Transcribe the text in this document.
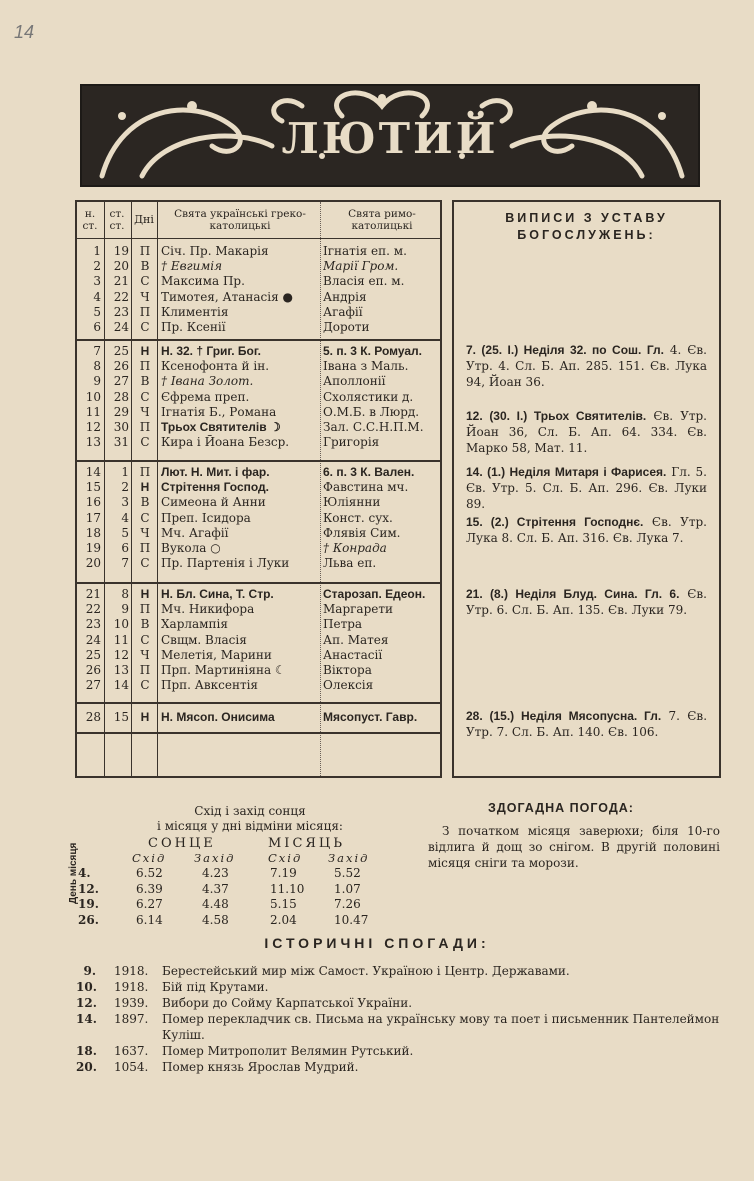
14
ЛЮТИЙ
н. ст.
ст. ст. Дні	Свята українські греко-католицькі
Свята римо-католицькі
1	19 П Січ. Пр. Макарія	Ігнатія еп. м.
2	20 В † Евгимія	Марії Гром.
3	21 С Максима Пр.	Власія еп. м.
4	22 Ч Тимотея, Атанасія ●	Андрія
5	23 П Климентія	Агафії
6	24 С Пр. Ксенії	Дороти
7	25 Н Н. 32. † Григ. Бог.	5. п. 3 К. Ромуал.
8	26 П Ксенофонта й ін.	Івана з Маль.
9	27 В † Івана Золот.	Аполлонії
10	28 С Єфрема преп.	Схолястики д.
11	29 Ч Ігнатія Б., Романа	О.М.Б. в Люрд.
12	30 П Трьох Святителів ☽	Зал. С.С.Н.П.М.
13	31 С Кира і Йоана Безср.	Григорія
14	1 П Лют. Н. Мит. і фар.	6. п. 3 К. Вален.
15	2 Н Стрітення Господ.	Фавстина мч.
16	3 В Симеона й Анни	Юліянни
17	4 С Преп. Ісидора	Конст. сух.
18	5 Ч Мч. Агафії	Флявія Сим.
19	6 П Вукола ○	† Конрада
20	7 С Пр. Партенія і Луки	Льва еп.
21	8 Н Н. Бл. Сина, Т. Стр.	Старозап. Едеон.
22	9 П Мч. Никифора	Маргарети
23	10 В Харлампія	Петра
24	11 С Свщм. Власія	Ап. Матея
25	12 Ч Мелетія, Марини	Анастасії
26	13 П Прп. Мартиніяна ☾	Віктора
27	14 С Прп. Авксентія	Олексія
28	15 Н Н. Мясоп. Онисима	Мясопуст. Гавр.
ВИПИСИ З УСТАВУ БОГОСЛУЖЕНЬ:
7. (25. І.) Неділя 32. по Сош. Гл. 4. Єв. Утр. 4. Сл. Б. Ап. 285. 151. Єв. Лука 94, Йоан 36.
12. (30. І.) Трьох Святителів. Єв. Утр. Йоан 36, Сл. Б. Ап. 64. 334. Єв. Марко 58, Мат. 11.
14. (1.) Неділя Митаря і Фарисея. Гл. 5. Єв. Утр. 5. Сл. Б. Ап. 296. Єв. Луки 89.
15. (2.) Стрітення Господнє. Єв. Утр. Лука 8. Сл. Б. Ап. 316. Єв. Лука 7.
21. (8.) Неділя Блуд. Сина. Гл. 6. Єв. Утр. 6. Сл. Б. Ап. 135. Єв. Луки 79.
28. (15.) Неділя Мясопусна. Гл. 7. Єв. Утр. 7. Сл. Б. Ап. 140. Єв. 106.
Схід і захід сонця
і місяця у дні відміни місяця:
День місяця	СОНЦЕ	МІСЯЦЬ
Схід Захід	Схід Захід
4.	6.52	4.23	7.19	5.52
12.	6.39	4.37	11.10 1.07
19.	6.27	4.48	5.15	7.26
26.	6.14	4.58	2.04	10.47
ЗДОГАДНА ПОГОДА:
З початком місяця заверюхи; біля 10-го відлига й дощ зо снігом. В другій половині місяця сніги та морози.
ІСТОРИЧНІ СПОГАДИ:
9. 1918. Берестейський мир між Самост. Україною і Центр. Державами.
10. 1918. Бій під Крутами.
12. 1939. Вибори до Сойму Карпатської України.
14. 1897. Помер перекладчик св. Письма на українську мову та поет і письменник Пантелеймон Куліш.
18. 1637. Помер Митрополит Велямин Рутський.
20. 1054. Помер князь Ярослав Мудрий.
